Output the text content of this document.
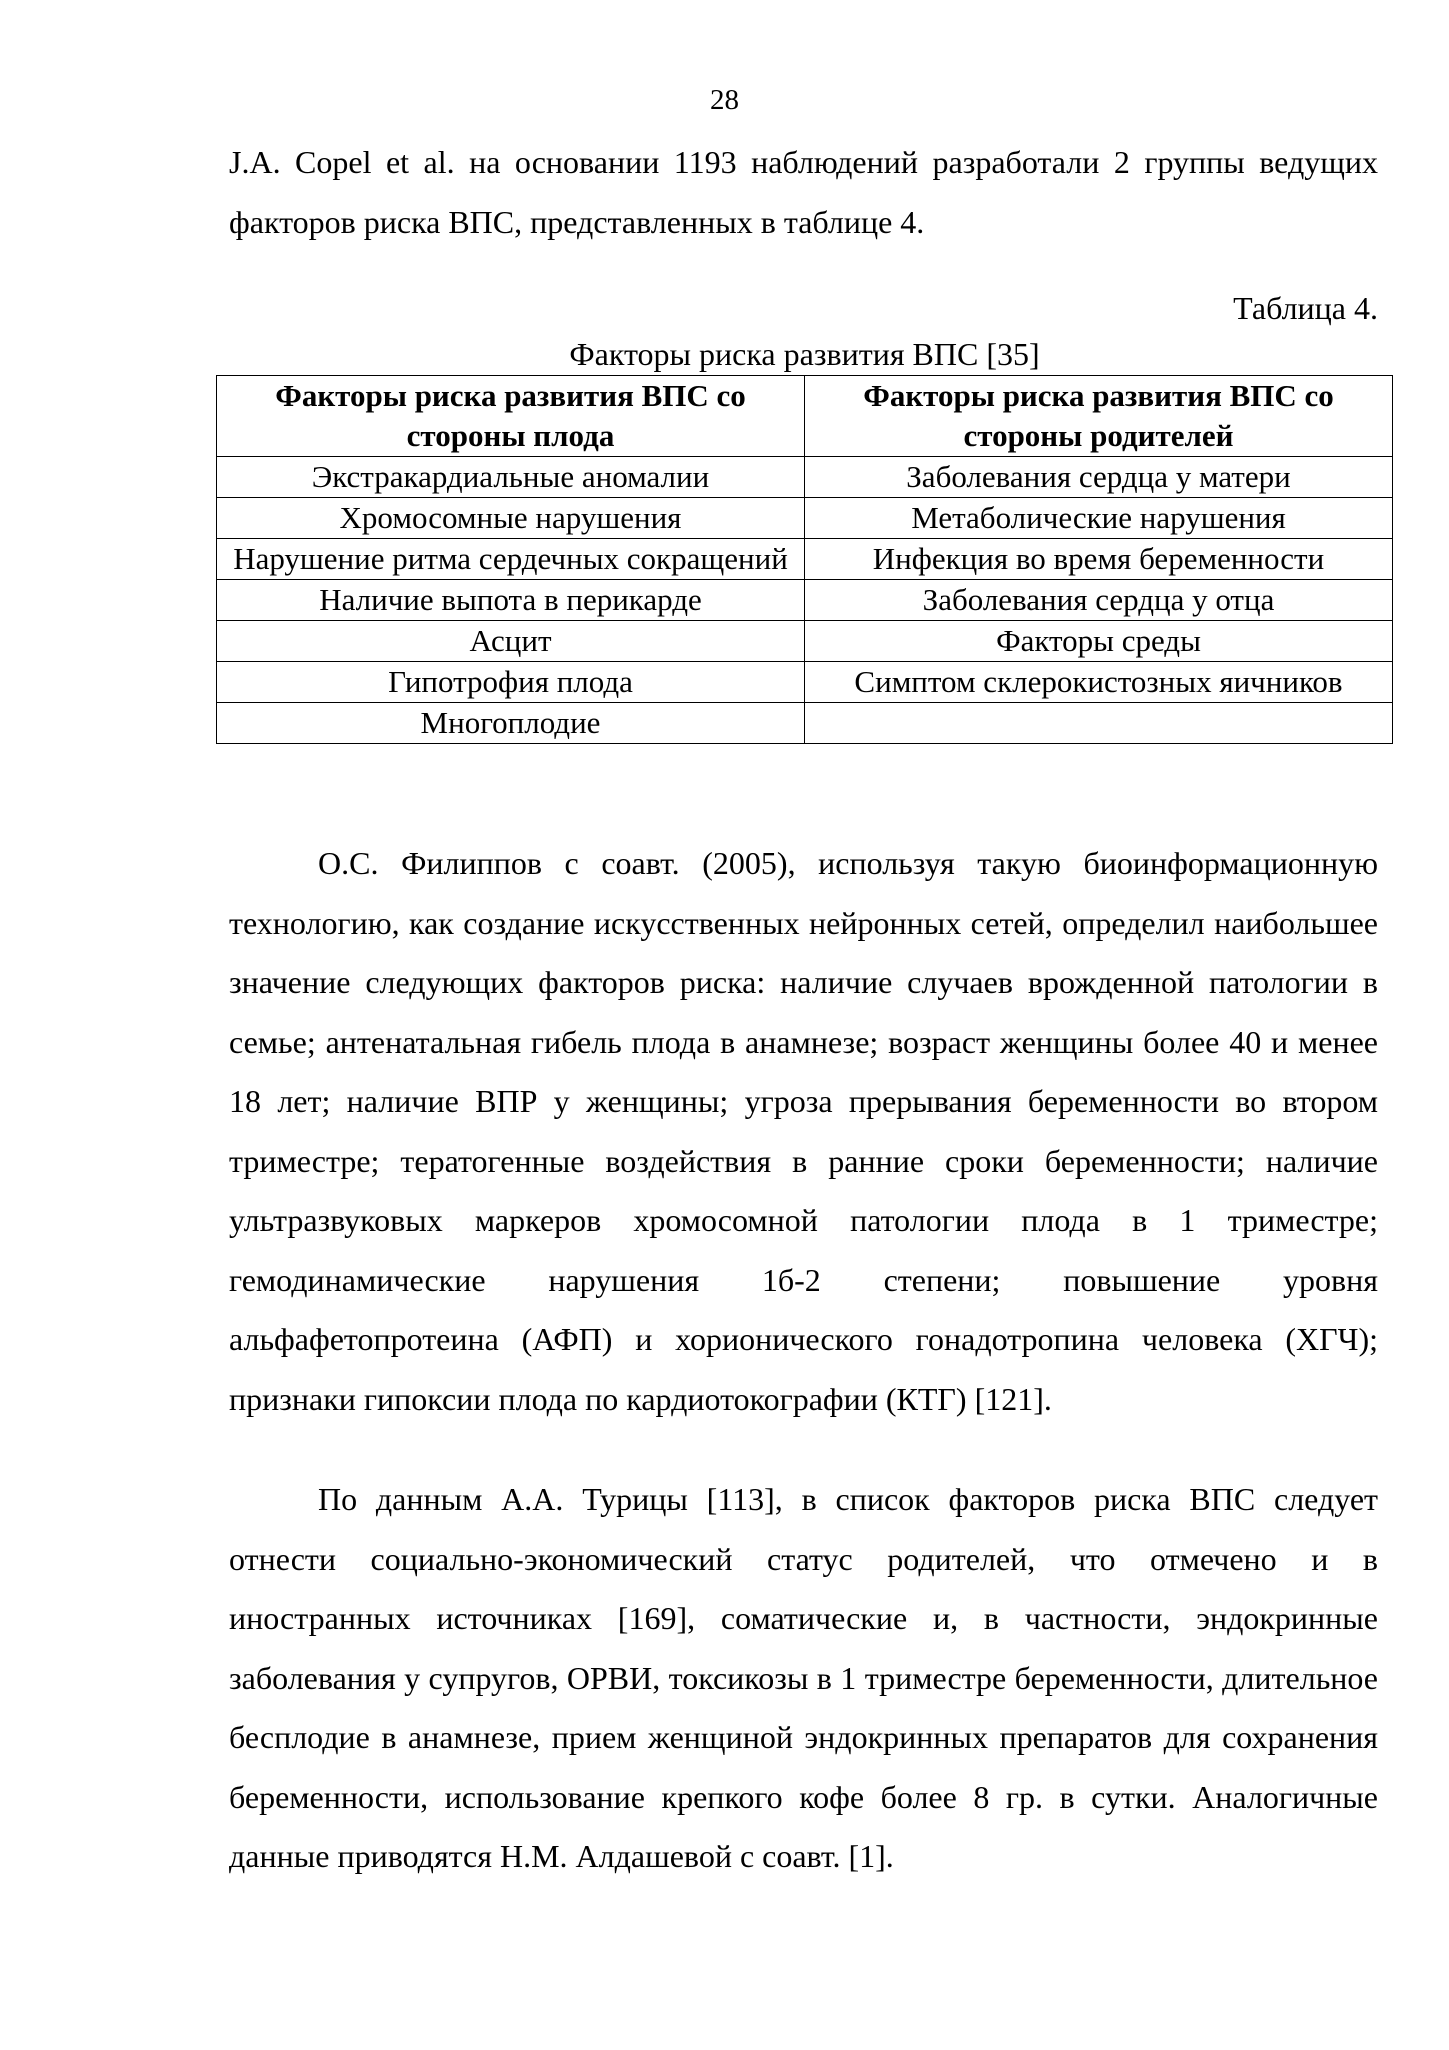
28

J.A. Copel et al. на основании 1193 наблюдений разработали 2 группы ведущих факторов риска ВПС, представленных в таблице 4.

Таблица 4.
Факторы риска развития ВПС [35]
Факторы риска развития ВПС со стороны плода	Факторы риска развития ВПС со стороны родителей
Экстракардиальные аномалии	Заболевания сердца у матери
Хромосомные нарушения	Метаболические нарушения
Нарушение ритма сердечных сокращений	Инфекция во время беременности
Наличие выпота в перикарде	Заболевания сердца у отца
Асцит	Факторы среды
Гипотрофия плода	Симптом склерокистозных яичников
Многоплодие	

О.С. Филиппов с соавт. (2005), используя такую биоинформационную технологию, как создание искусственных нейронных сетей, определил наибольшее значение следующих факторов риска: наличие случаев врожденной патологии в семье; антенатальная гибель плода в анамнезе; возраст женщины более 40 и менее 18 лет; наличие ВПР у женщины; угроза прерывания беременности во втором триместре; тератогенные воздействия в ранние сроки беременности; наличие ультразвуковых маркеров хромосомной патологии плода в 1 триместре; гемодинамические нарушения 1б-2 степени; повышение уровня альфафетопротеина (АФП) и хорионического гонадотропина человека (ХГЧ); признаки гипоксии плода по кардиотокографии (КТГ) [121].

По данным А.А. Турицы [113], в список факторов риска ВПС следует отнести социально-экономический статус родителей, что отмечено и в иностранных источниках [169], соматические и, в частности, эндокринные заболевания у супругов, ОРВИ, токсикозы в 1 триместре беременности, длительное бесплодие в анамнезе, прием женщиной эндокринных препаратов для сохранения беременности, использование крепкого кофе более 8 гр. в сутки. Аналогичные данные приводятся Н.М. Алдашевой с соавт. [1].
